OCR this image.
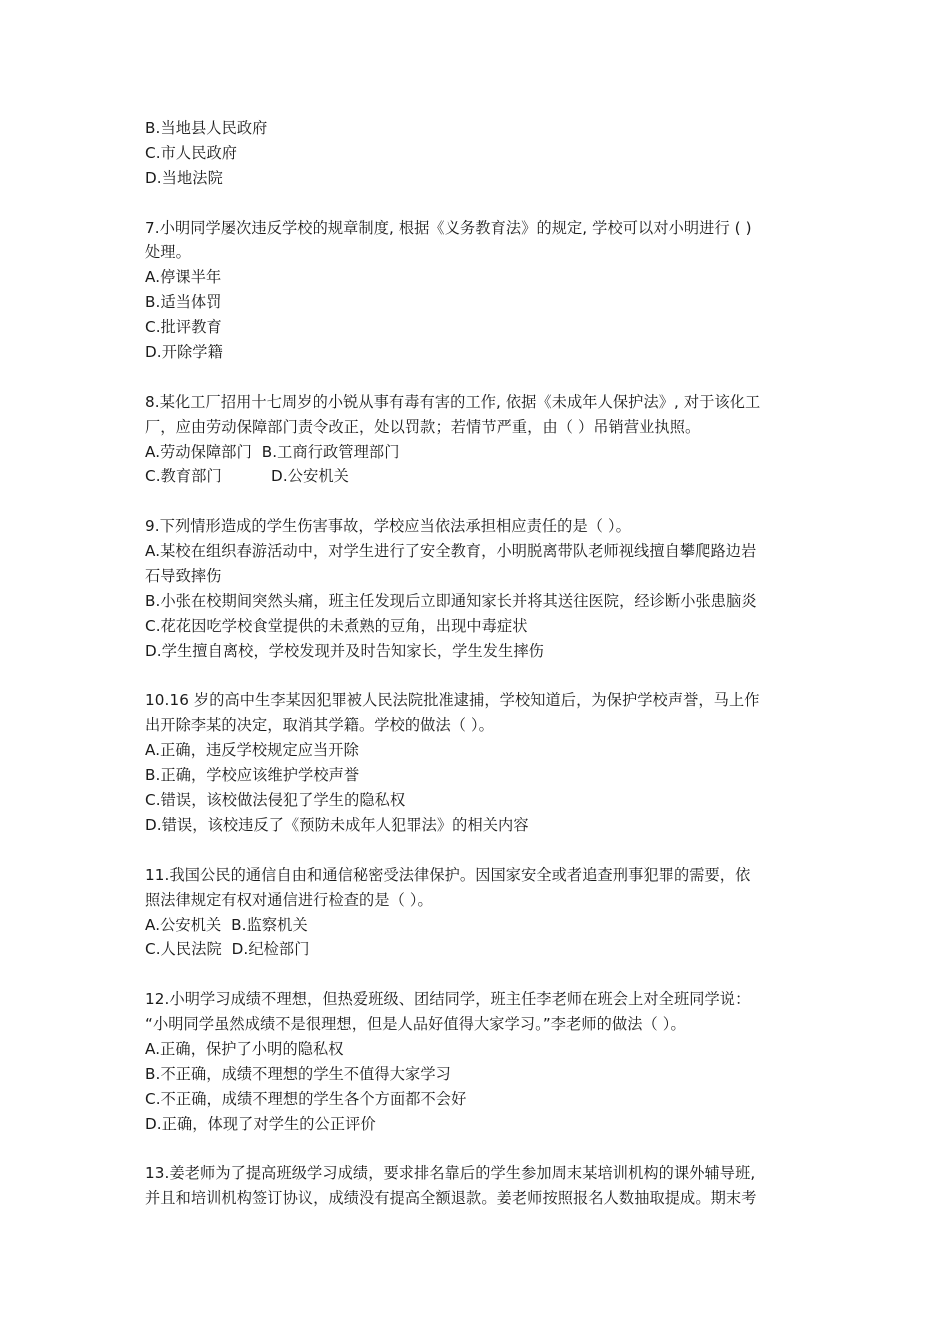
B.当地县人民政府
C.市人民政府
D.当地法院
7.小明同学屡次违反学校的规章制度, 根据《义务教育法》的规定, 学校可以对小明进行 ( )
处理。
A.停课半年
B.适当体罚
C.批评教育
D.开除学籍
8.某化工厂招用十七周岁的小锐从事有毒有害的工作, 依据《未成年人保护法》, 对于该化工
厂，应由劳动保障部门责令改正，处以罚款；若情节严重，由（ ）吊销营业执照。
A.劳动保障部门  B.工商行政管理部门
C.教育部门          D.公安机关
9.下列情形造成的学生伤害事故，学校应当依法承担相应责任的是（ ）。
A.某校在组织春游活动中，对学生进行了安全教育，小明脱离带队老师视线擅自攀爬路边岩
石导致摔伤
B.小张在校期间突然头痛，班主任发现后立即通知家长并将其送往医院，经诊断小张患脑炎
C.花花因吃学校食堂提供的未煮熟的豆角，出现中毒症状
D.学生擅自离校，学校发现并及时告知家长，学生发生摔伤
10.16 岁的高中生李某因犯罪被人民法院批准逮捕，学校知道后，为保护学校声誉，马上作
出开除李某的决定，取消其学籍。学校的做法（ ）。
A.正确，违反学校规定应当开除
B.正确，学校应该维护学校声誉
C.错误，该校做法侵犯了学生的隐私权
D.错误，该校违反了《预防未成年人犯罪法》的相关内容
11.我国公民的通信自由和通信秘密受法律保护。因国家安全或者追查刑事犯罪的需要，依
照法律规定有权对通信进行检查的是（ ）。
A.公安机关  B.监察机关
C.人民法院  D.纪检部门
12.小明学习成绩不理想，但热爱班级、团结同学，班主任李老师在班会上对全班同学说：
“小明同学虽然成绩不是很理想，但是人品好值得大家学习。”李老师的做法（ ）。
A.正确，保护了小明的隐私权
B.不正确，成绩不理想的学生不值得大家学习
C.不正确，成绩不理想的学生各个方面都不会好
D.正确，体现了对学生的公正评价
13.姜老师为了提高班级学习成绩，要求排名靠后的学生参加周末某培训机构的课外辅导班,
并且和培训机构签订协议，成绩没有提高全额退款。姜老师按照报名人数抽取提成。期末考
